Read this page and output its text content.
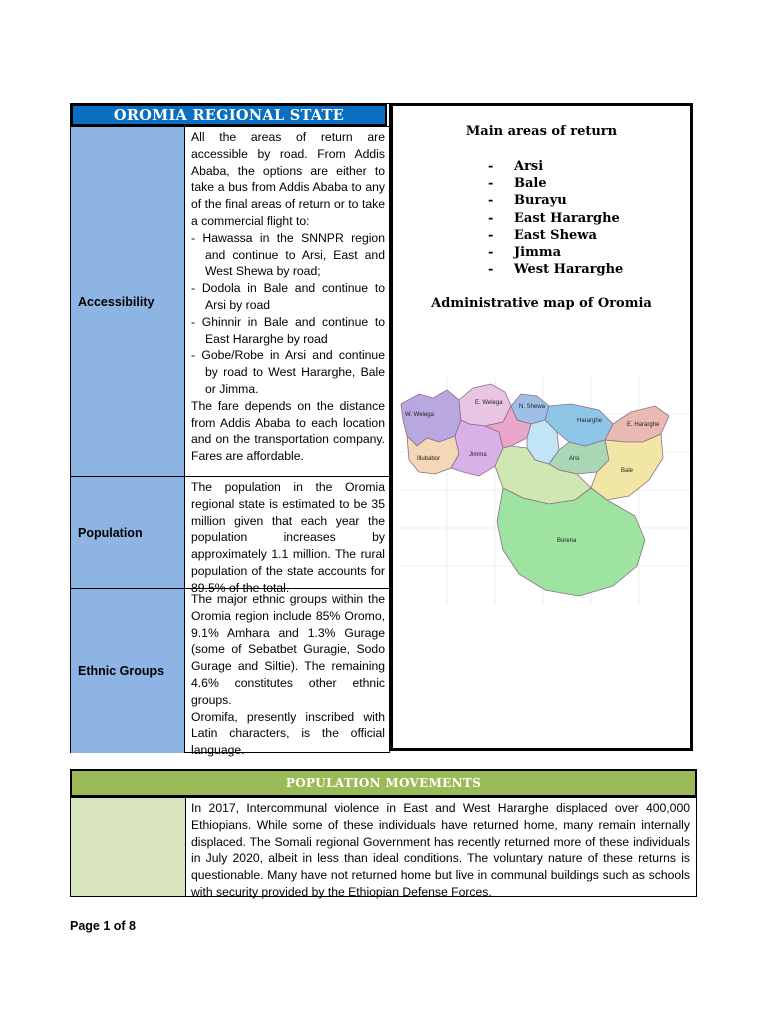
OROMIA REGIONAL STATE
Accessibility

All the areas of return are accessible by road. From Addis Ababa, the options are either to take a bus from Addis Ababa to any of the final areas of return or to take a commercial flight to:

- Hawassa in the SNNPR region and continue to Arsi, East and West Shewa by road;
- Dodola in Bale and continue to Arsi by road
- Ghinnir in Bale and continue to East Hararghe by road
- Gobe/Robe in Arsi and continue by road to West Hararghe, Bale or Jimma.

The fare depends on the distance from Addis Ababa to each location and on the transportation company. Fares are affordable.

Population
The population in the Oromia regional state is estimated to be 35 million given that each year the population increases by approximately 1.1 million. The rural population of the state accounts for 89.5% of the total.
Ethnic Groups

The major ethnic groups within the Oromia region include 85% Oromo, 9.1% Amhara and 1.3% Gurage (some of Sebatbet Guragie, Sodo Gurage and Siltie). The remaining 4.6% constitutes other ethnic groups.

Oromifa, presently inscribed with Latin characters, is the official language.

Main areas of return
- Arsi
- Bale
- Burayu
- East Hararghe
- East Shewa
- Jimma
- West Hararghe
Administrative map of Oromia
W. Welega
E. Welega
N. Shewa
Illubabor
Jimma
Arsi
Bale
Borena
E. Hararghe
Hararghe
POPULATION MOVEMENTS
In 2017, Intercommunal violence in East and West Hararghe displaced over 400,000 Ethiopians. While some of these individuals have returned home, many remain internally displaced. The Somali regional Government has recently returned more of these individuals in July 2020, albeit in less than ideal conditions. The voluntary nature of these returns is questionable. Many have not returned home but live in communal buildings such as schools with security provided by the Ethiopian Defense Forces.
Page 1 of 8
